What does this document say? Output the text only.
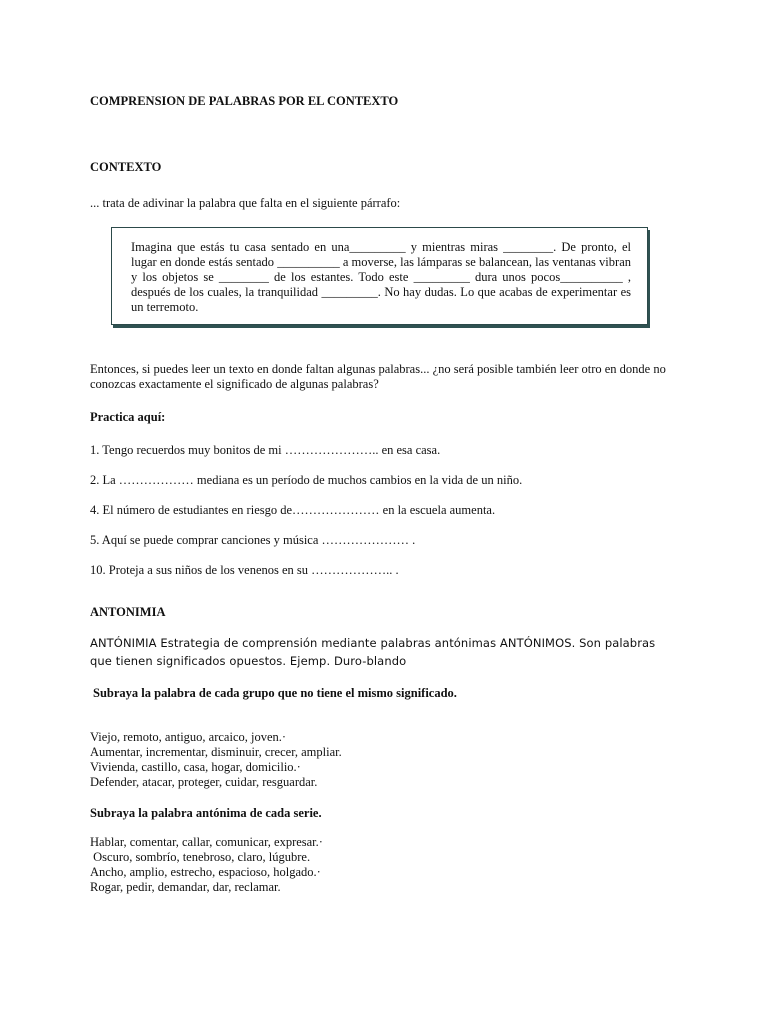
COMPRENSION DE PALABRAS POR EL CONTEXTO
CONTEXTO
... trata de adivinar la palabra que falta en el siguiente párrafo:
Imagina que estás tu casa sentado en una_________ y mientras miras ________. De pronto, el lugar en donde estás sentado __________ a moverse, las lámparas se balancean, las ventanas vibran y los objetos se ________ de los estantes. Todo este _________ dura unos pocos__________ , después de los cuales, la tranquilidad _________. No hay dudas. Lo que acabas de experimentar es un terremoto.
Entonces, si puedes leer un texto en donde faltan algunas palabras... ¿no será posible también leer otro en donde no
conozcas exactamente el significado de algunas palabras?
Practica aquí:
1. Tengo recuerdos muy bonitos de mi ………………….. en esa casa.
2. La ……………… mediana es un período de muchos cambios en la vida de un niño.
4. El número de estudiantes en riesgo de………………… en la escuela aumenta.
5. Aquí se puede comprar canciones y música ………………… .
10. Proteja a sus niños de los venenos en su ……………….. .
ANTONIMIA
ANTÓNIMIA Estrategia de comprensión mediante palabras antónimas ANTÓNIMOS. Son palabras que tienen significados opuestos. Ejemp. Duro-blando
Subraya la palabra de cada grupo que no tiene el mismo significado.
Viejo, remoto, antiguo, arcaico, joven.·
Aumentar, incrementar, disminuir, crecer, ampliar.
Vivienda, castillo, casa, hogar, domicilio.·
Defender, atacar, proteger, cuidar, resguardar.
Subraya la palabra antónima de cada serie.
Hablar, comentar, callar, comunicar, expresar.·
Oscuro, sombrío, tenebroso, claro, lúgubre.
Ancho, amplio, estrecho, espacioso, holgado.·
Rogar, pedir, demandar, dar, reclamar.
